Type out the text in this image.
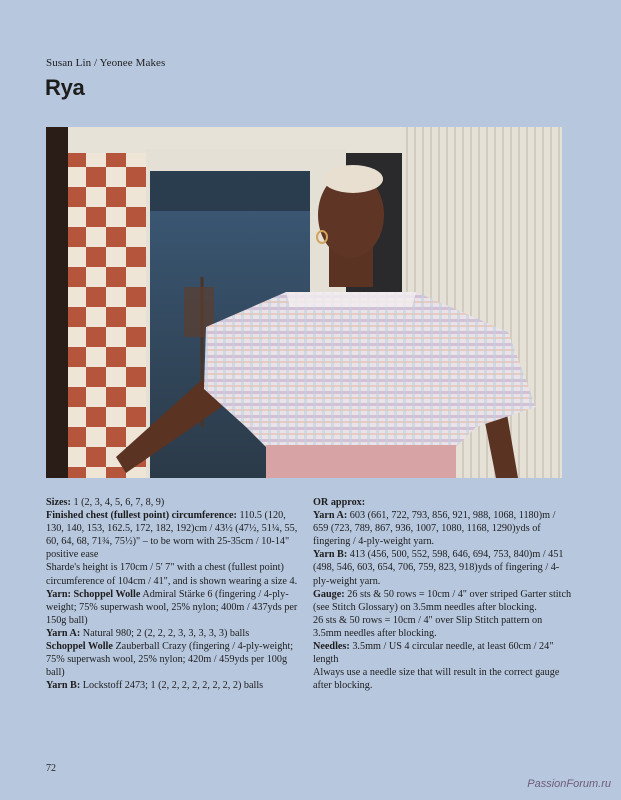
Susan Lin / Yeonee Makes
Rya

Sizes: 1 (2, 3, 4, 5, 6, 7, 8, 9)

Finished chest (fullest point) circumference: 110.5 (120, 130, 140, 153, 162.5, 172, 182, 192)cm / 43½ (47½, 51¼, 55, 60, 64, 68, 71¾, 75½)" – to be worn with 25-35cm / 10-14" positive ease

Sharde's height is 170cm / 5' 7" with a chest (fullest point) circumference of 104cm / 41", and is shown wearing a size 4.

Yarn: Schoppel Wolle Admiral Stärke 6 (fingering / 4-ply-weight; 75% superwash wool, 25% nylon; 400m / 437yds per 150g ball)

Yarn A: Natural 980; 2 (2, 2, 2, 3, 3, 3, 3, 3) balls

Schoppel Wolle Zauberball Crazy (fingering / 4-ply-weight; 75% superwash wool, 25% nylon; 420m / 459yds per 100g ball)

Yarn B: Lockstoff 2473; 1 (2, 2, 2, 2, 2, 2, 2, 2) balls

OR approx:

Yarn A: 603 (661, 722, 793, 856, 921, 988, 1068, 1180)m / 659 (723, 789, 867, 936, 1007, 1080, 1168, 1290)yds of fingering / 4-ply-weight yarn.

Yarn B: 413 (456, 500, 552, 598, 646, 694, 753, 840)m / 451 (498, 546, 603, 654, 706, 759, 823, 918)yds of fingering / 4-ply-weight yarn.

Gauge: 26 sts & 50 rows = 10cm / 4" over striped Garter stitch (see Stitch Glossary) on 3.5mm needles after blocking.

26 sts & 50 rows = 10cm / 4" over Slip Stitch pattern on 3.5mm needles after blocking.

Needles: 3.5mm / US 4 circular needle, at least 60cm / 24" length

Always use a needle size that will result in the correct gauge after blocking.

72
PassionForum.ru
